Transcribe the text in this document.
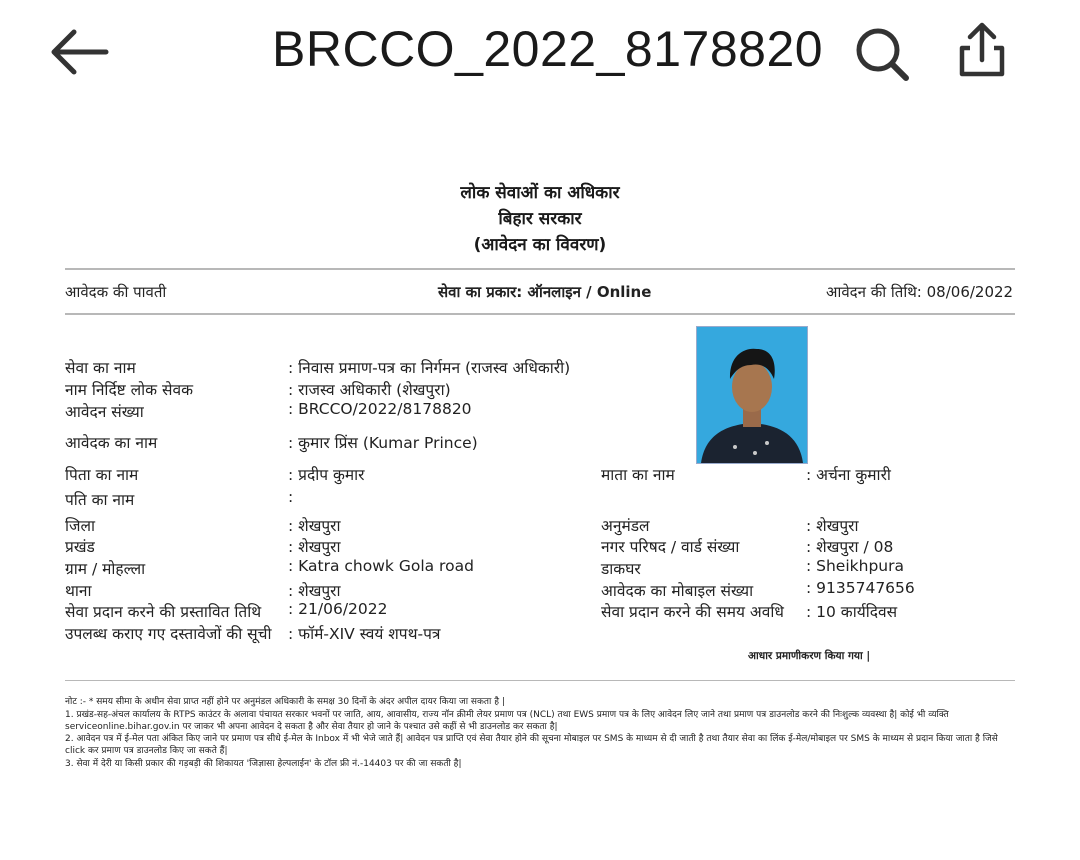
BRCCO_2022_8178820
लोक सेवाओं का अधिकार
बिहार सरकार
(आवेदन का विवरण)
आवेदक की पावती	सेवा का प्रकार: ऑनलाइन / Online	आवेदन की तिथि: 08/06/2022
सेवा का नाम	: निवास प्रमाण-पत्र का निर्गमन (राजस्व अधिकारी)
नाम निर्दिष्ट लोक सेवक	: राजस्व अधिकारी (शेखपुरा)
आवेदन संख्या	: BRCCO/2022/8178820
आवेदक का नाम	: कुमार प्रिंस (Kumar Prince)
पिता का नाम	: प्रदीप कुमार	माता का नाम	: अर्चना कुमारी
पति का नाम	:
जिला	: शेखपुरा	अनुमंडल	: शेखपुरा
प्रखंड	: शेखपुरा	नगर परिषद / वार्ड संख्या	: शेखपुरा / 08
ग्राम / मोहल्ला	: Katra chowk Gola road	डाकघर	: Sheikhpura
थाना	: शेखपुरा	आवेदक का मोबाइल संख्या	: 9135747656
सेवा प्रदान करने की प्रस्तावित तिथि : 21/06/2022	सेवा प्रदान करने की समय अवधि : 10 कार्यदिवस
उपलब्ध कराए गए दस्तावेजों की सूची : फॉर्म-XIV स्वयं शपथ-पत्र
आधार प्रमाणीकरण किया गया |
नोट :- * समय सीमा के अधीन सेवा प्राप्त नहीं होने पर अनुमंडल अधिकारी के समक्ष 30 दिनों के अंदर अपील दायर किया जा सकता है |
1. प्रखंड-सह-अंचल कार्यालय के RTPS काउंटर के अलावा पंचायत सरकार भवनों पर जाति, आय, आवासीय, राज्य नॉन क्रीमी लेयर प्रमाण पत्र (NCL) तथा EWS प्रमाण पत्र के लिए आवेदन लिए जाने तथा प्रमाण पत्र डाउनलोड करने की निःशुल्क व्यवस्था है| कोई भी व्यक्ति
serviceonline.bihar.gov.in पर जाकर भी अपना आवेदन दे सकता है और सेवा तैयार हो जाने के पश्चात उसे कहीं से भी डाउनलोड कर सकता है|
2. आवेदन पत्र में ई-मेल पता अंकित किए जाने पर प्रमाण पत्र सीधे ई-मेल के Inbox में भी भेजे जाते हैं| आवेदन पत्र प्राप्ति एवं सेवा तैयार होने की सूचना मोबाइल पर SMS के माध्यम से दी जाती है तथा तैयार सेवा का लिंक ई-मेल/मोबाइल पर SMS के माध्यम से प्रदान किया जाता है जिसे
click कर प्रमाण पत्र डाउनलोड किए जा सकते हैं|
3. सेवा में देरी या किसी प्रकार की गड़बड़ी की शिकायत 'जिज्ञासा हेल्पलाईन' के टॉल फ्री नं.-14403 पर की जा सकती है|
